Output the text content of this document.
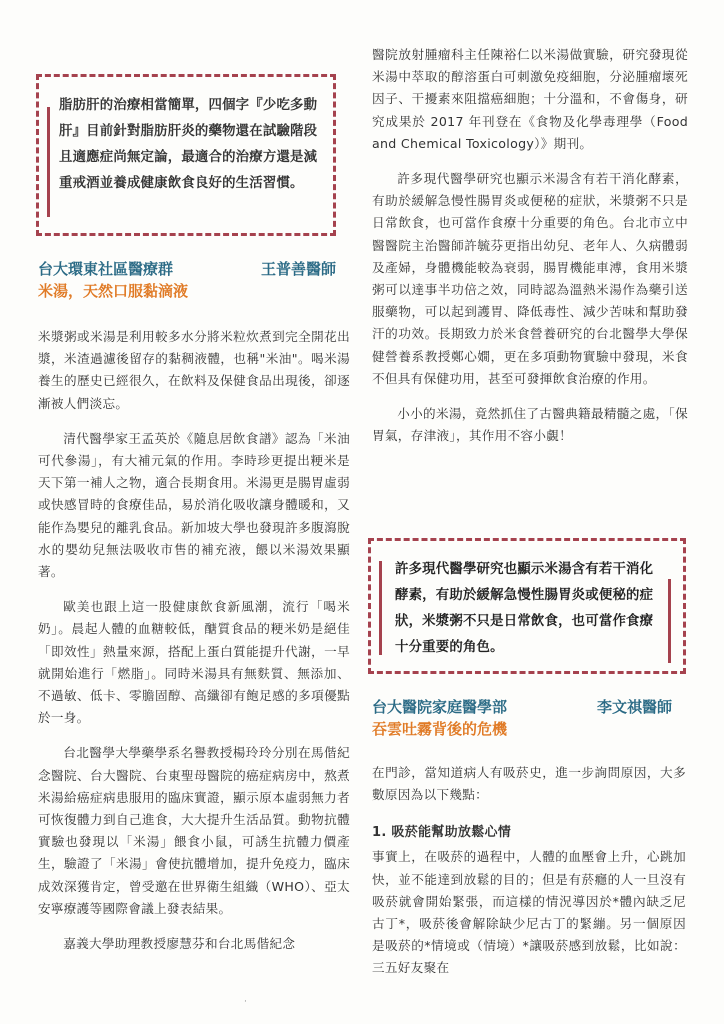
脂肪肝的治療相當簡單，四個字『少吃多動肝』目前針對脂肪肝炎的藥物還在試驗階段且適應症尚無定論，最適合的治療方還是減重戒酒並養成健康飲食良好的生活習慣。

台大環東社區醫療群	王普善醫師
米湯，天然口服黏滴液

米漿粥或米湯是利用較多水分將米粒炊煮到完全開花出漿，米渣過濾後留存的黏稠液體，也稱"米油"。喝米湯養生的歷史已經很久，在飲料及保健食品出現後，卻逐漸被人們淡忘。

清代醫學家王孟英於《隨息居飲食譜》認為「米油可代參湯」，有大補元氣的作用。李時珍更提出粳米是天下第一補人之物，適合長期食用。米湯更是腸胃虛弱或快感冒時的食療佳品，易於消化吸收讓身體暖和，又能作為嬰兒的離乳食品。新加坡大學也發現許多腹瀉脫水的嬰幼兒無法吸收市售的補充液，餵以米湯效果顯著。

歐美也跟上這一股健康飲食新風潮，流行「喝米奶」。晨起人體的血糖較低，醣質食品的粳米奶是絕佳「即效性」熱量來源，搭配上蛋白質能提升代謝，一早就開始進行「燃脂」。同時米湯具有無麩質、無添加、不過敏、低卡、零膽固醇、高纖卻有飽足感的多項優點於一身。

台北醫學大學藥學系名譽教授楊玲玲分別在馬偕紀念醫院、台大醫院、台東聖母醫院的癌症病房中，熬煮米湯給癌症病患服用的臨床實證，顯示原本虛弱無力者可恢復體力到自己進食，大大提升生活品質。動物抗體實驗也發現以「米湯」餵食小鼠，可誘生抗體力價產生，驗證了「米湯」會使抗體增加，提升免疫力，臨床成效深獲肯定，曾受邀在世界衛生組織（WHO）、亞太安寧療護等國際會議上發表結果。

嘉義大學助理教授廖慧芬和台北馬偕紀念

醫院放射腫瘤科主任陳裕仁以米湯做實驗，研究發現從米湯中萃取的醇溶蛋白可刺激免疫細胞，分泌腫瘤壞死因子、干擾素來阻擋癌細胞；十分溫和，不會傷身，研究成果於 2017 年刊登在《食物及化學毒理學（Food and Chemical Toxicology）》期刊。

許多現代醫學研究也顯示米湯含有若干消化酵素，有助於緩解急慢性腸胃炎或便秘的症狀，米漿粥不只是日常飲食，也可當作食療十分重要的角色。台北市立中醫醫院主治醫師許毓芬更指出幼兒、老年人、久病體弱及產婦，身體機能較為衰弱，腸胃機能車溥，食用米漿粥可以達事半功倍之效，同時認為溫熱米湯作為藥引送服藥物，可以起到護胃、降低毒性、減少苦味和幫助發汗的功效。長期致力於米食營養研究的台北醫學大學保健營養系教授鄭心嫺，更在多項動物實驗中發現，米食不但具有保健功用，甚至可發揮飲食治療的作用。

小小的米湯，竟然抓住了古醫典籍最精髓之處，「保胃氣，存津液」，其作用不容小覷！

許多現代醫學研究也顯示米湯含有若干消化酵素，有助於緩解急慢性腸胃炎或便秘的症狀，米漿粥不只是日常飲食，也可當作食療十分重要的角色。

台大醫院家庭醫學部	李文祺醫師
吞雲吐霧背後的危機

在門診，當知道病人有吸菸史，進一步詢問原因，大多數原因為以下幾點：

1. 吸菸能幫助放鬆心情

事實上，在吸菸的過程中，人體的血壓會上升，心跳加快，並不能達到放鬆的目的；但是有菸癮的人一旦沒有吸菸就會開始緊張，而這樣的情況導因於*體內缺乏尼古丁*，吸菸後會解除缺少尼古丁的緊繃。另一個原因是吸菸的*情境或（情境）*讓吸菸感到放鬆，比如說：三五好友聚在

·
